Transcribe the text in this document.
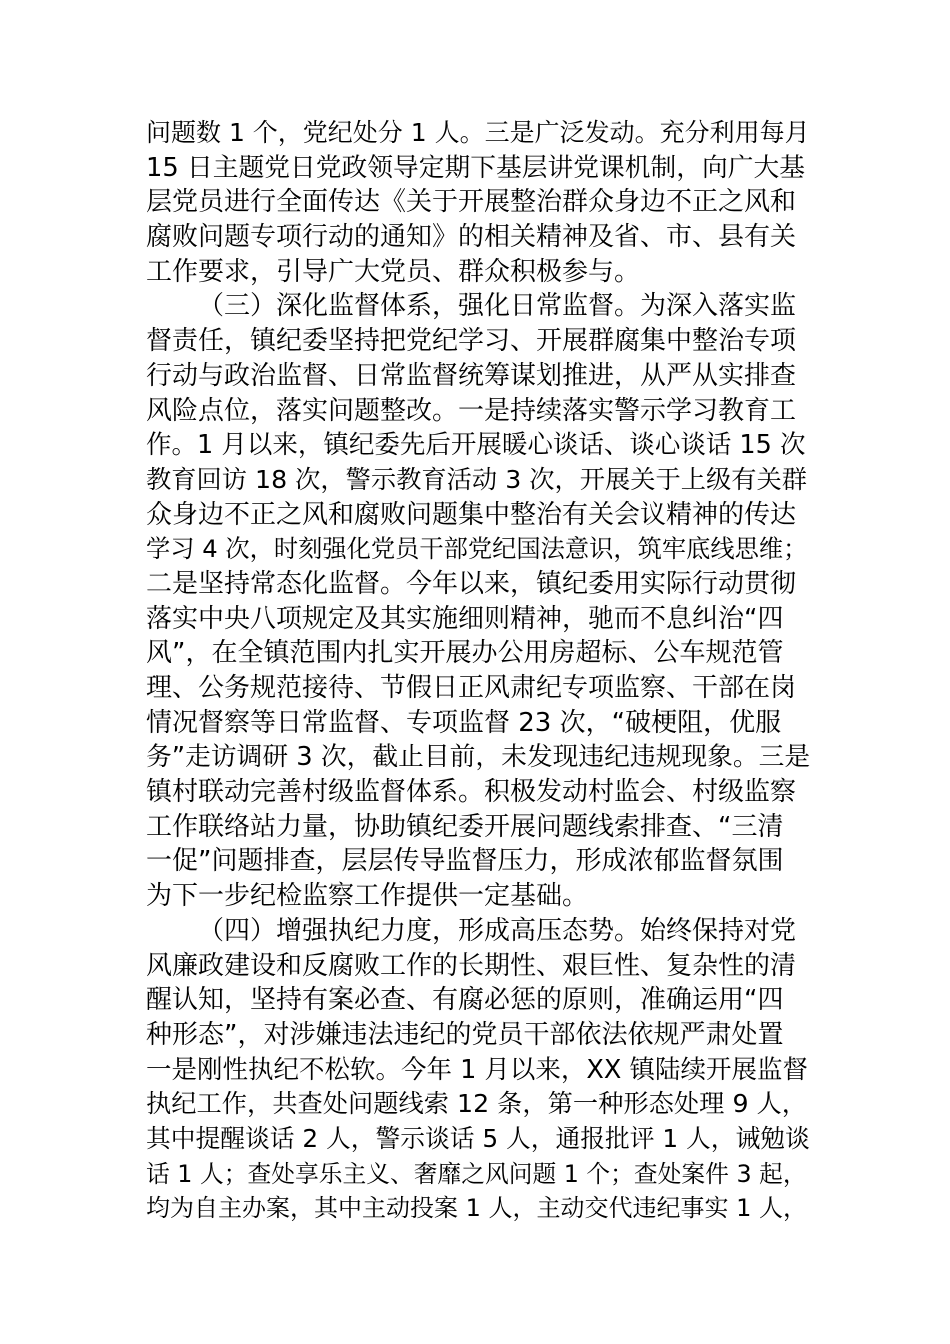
问题数 1 个，党纪处分 1 人。三是广泛发动。充分利用每月
15 日主题党日党政领导定期下基层讲党课机制，向广大基
层党员进行全面传达《关于开展整治群众身边不正之风和
腐败问题专项行动的通知》的相关精神及省、市、县有关
工作要求，引导广大党员、群众积极参与。
（三）深化监督体系，强化日常监督。为深入落实监
督责任，镇纪委坚持把党纪学习、开展群腐集中整治专项
行动与政治监督、日常监督统筹谋划推进，从严从实排查
风险点位，落实问题整改。一是持续落实警示学习教育工
作。1 月以来，镇纪委先后开展暖心谈话、谈心谈话 15 次
教育回访 18 次，警示教育活动 3 次，开展关于上级有关群
众身边不正之风和腐败问题集中整治有关会议精神的传达
学习 4 次，时刻强化党员干部党纪国法意识，筑牢底线思维；
二是坚持常态化监督。今年以来，镇纪委用实际行动贯彻
落实中央八项规定及其实施细则精神，驰而不息纠治“四
风”，在全镇范围内扎实开展办公用房超标、公车规范管
理、公务规范接待、节假日正风肃纪专项监察、干部在岗
情况督察等日常监督、专项监督 23 次，“破梗阻，优服
务”走访调研 3 次，截止目前，未发现违纪违规现象。三是
镇村联动完善村级监督体系。积极发动村监会、村级监察
工作联络站力量，协助镇纪委开展问题线索排查、“三清
一促”问题排查，层层传导监督压力，形成浓郁监督氛围
为下一步纪检监察工作提供一定基础。
（四）增强执纪力度，形成高压态势。始终保持对党
风廉政建设和反腐败工作的长期性、艰巨性、复杂性的清
醒认知，坚持有案必查、有腐必惩的原则，准确运用“四
种形态”，对涉嫌违法违纪的党员干部依法依规严肃处置
一是刚性执纪不松软。今年 1 月以来，XX 镇陆续开展监督
执纪工作，共查处问题线索 12 条，第一种形态处理 9 人，
其中提醒谈话 2 人，警示谈话 5 人，通报批评 1 人，诫勉谈
话 1 人；查处享乐主义、奢靡之风问题 1 个；查处案件 3 起，
均为自主办案，其中主动投案 1 人，主动交代违纪事实 1 人，
